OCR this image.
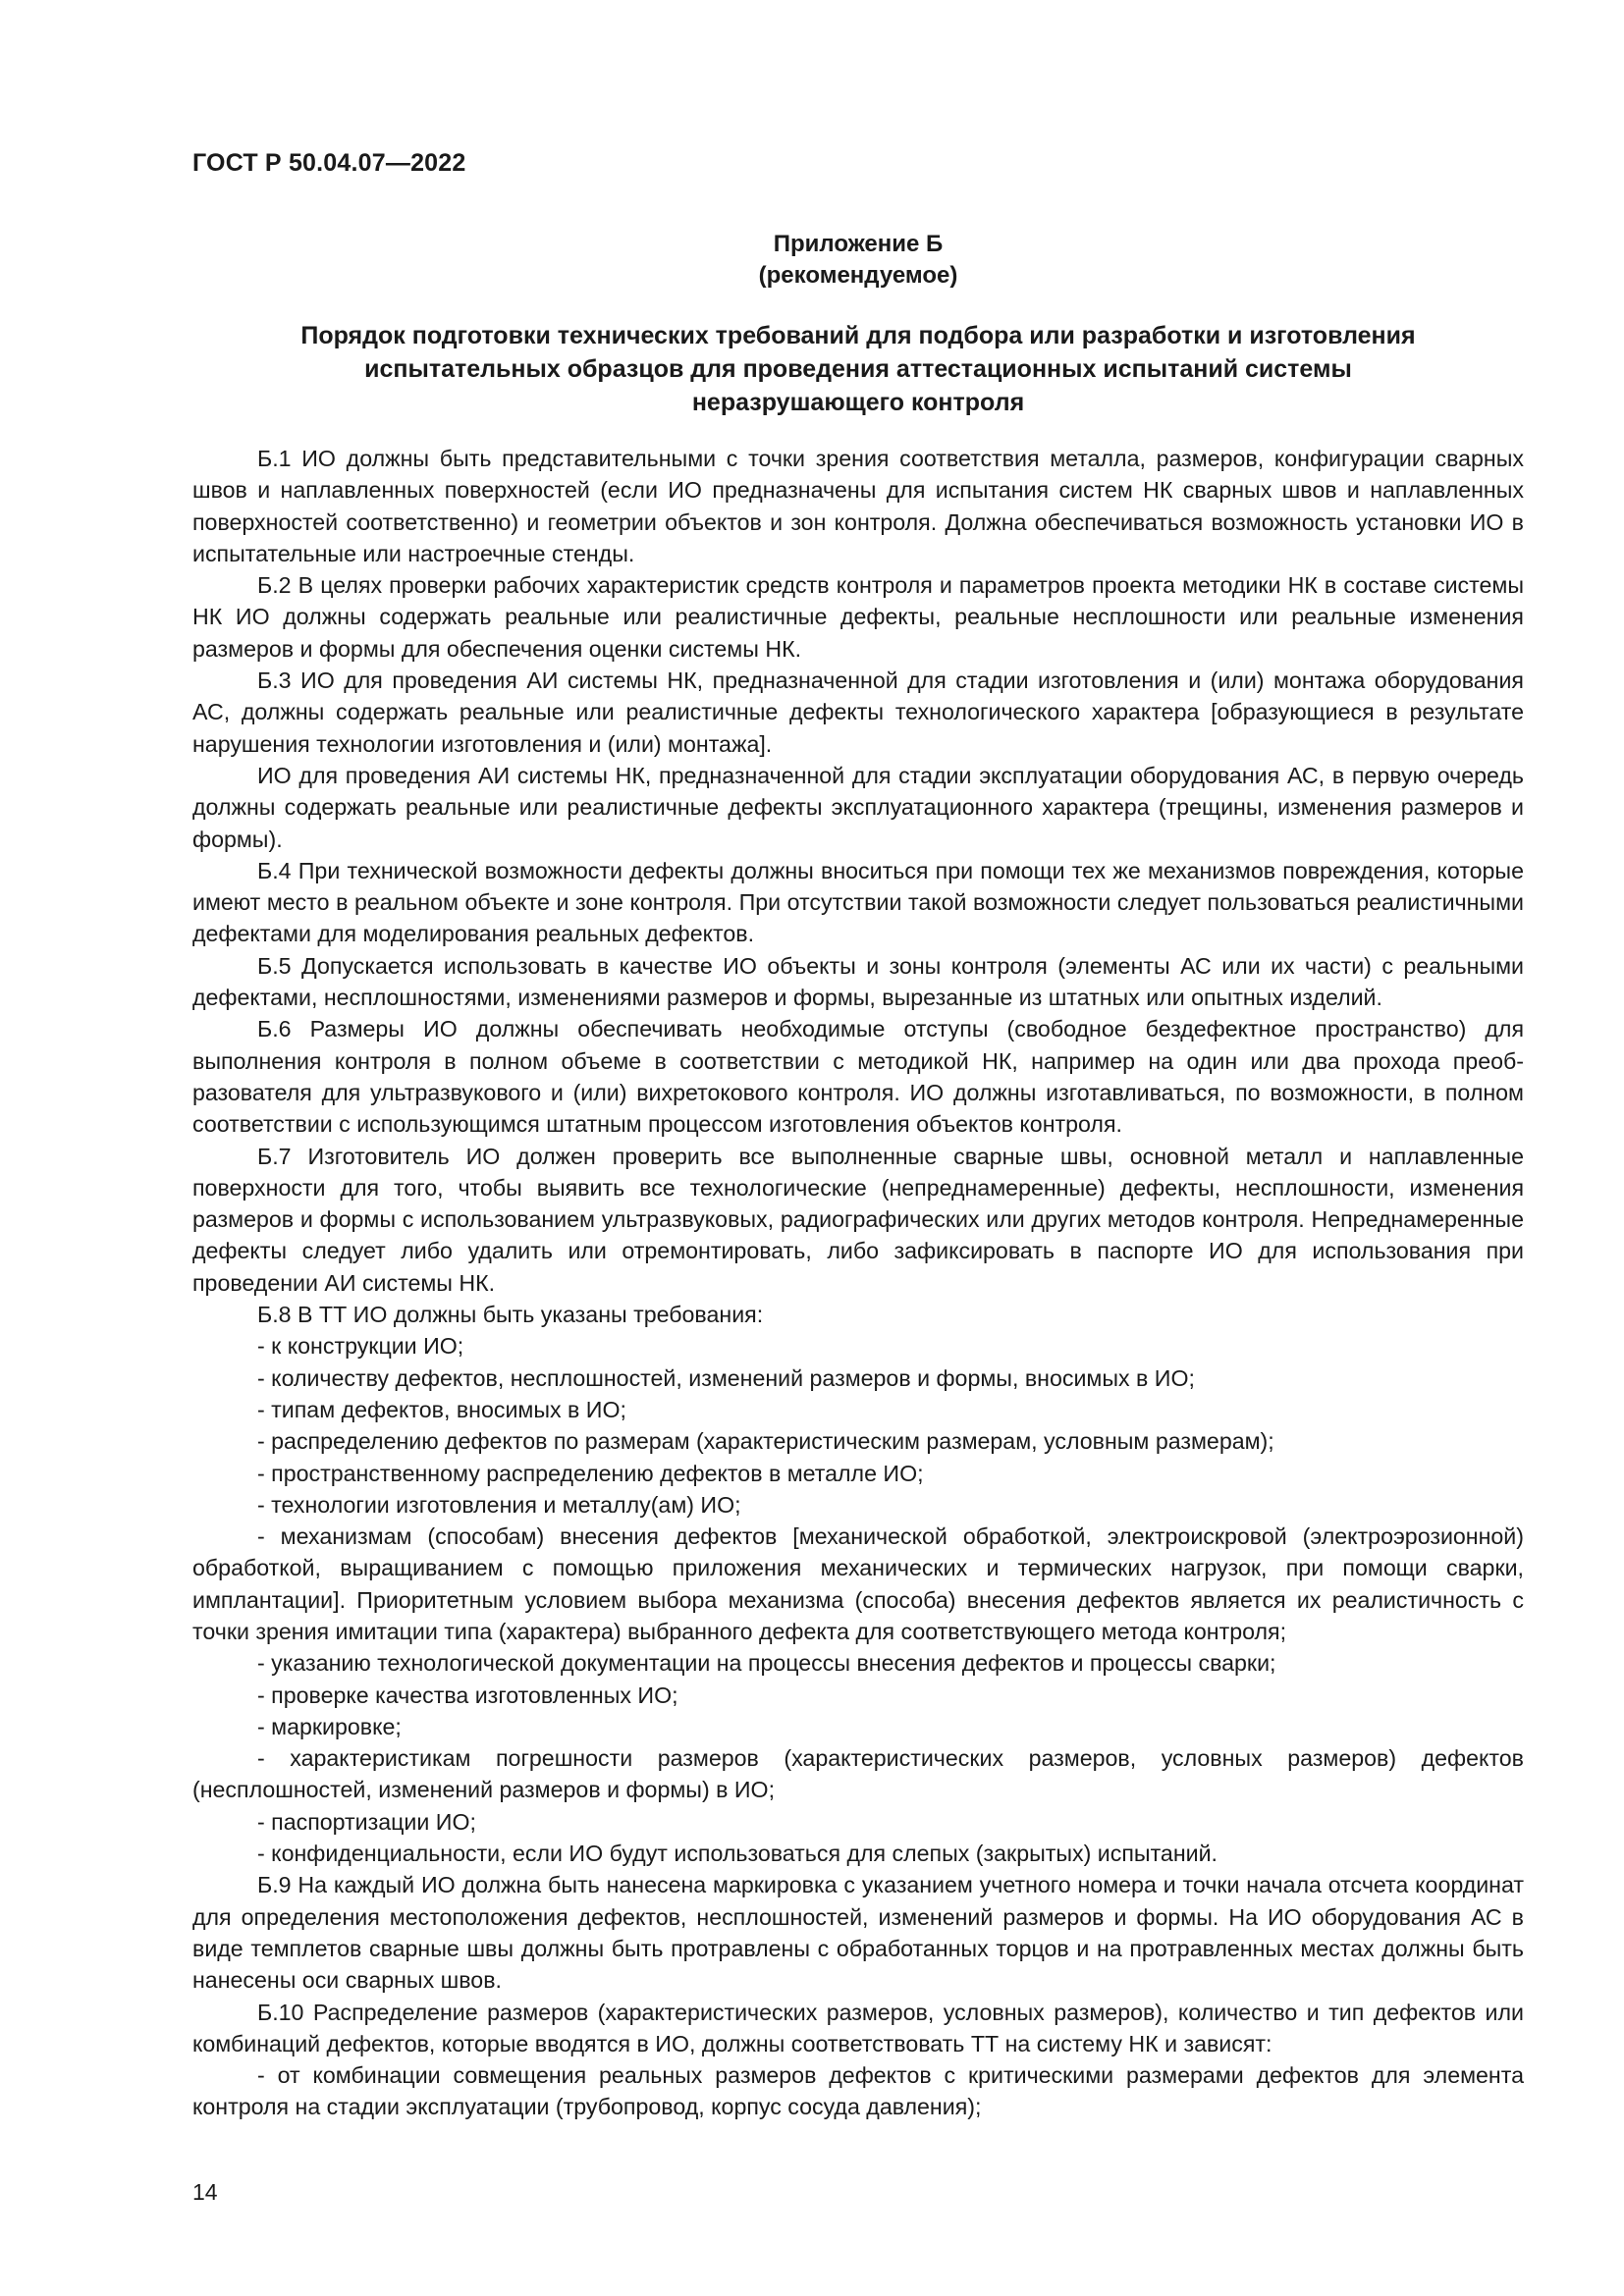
ГОСТ Р 50.04.07—2022
Приложение Б
(рекомендуемое)
Порядок подготовки технических требований для подбора или разработки и изготовления
испытательных образцов для проведения аттестационных испытаний системы
неразрушающего контроля

Б.1 ИО должны быть представительными с точки зрения соответствия металла, размеров, конфигурации сварных швов и наплавленных поверхностей (если ИО предназначены для испытания систем НК сварных швов и наплавленных поверхностей соответственно) и геометрии объектов и зон контроля. Должна обеспечиваться возможность установки ИО в испытательные или настроечные стенды.

Б.2 В целях проверки рабочих характеристик средств контроля и параметров проекта методики НК в составе системы НК ИО должны содержать реальные или реалистичные дефекты, реальные несплошности или реальные изменения размеров и формы для обеспечения оценки системы НК.

Б.3 ИО для проведения АИ системы НК, предназначенной для стадии изготовления и (или) монтажа оборудования АС, должны содержать реальные или реалистичные дефекты технологического характера [образующиеся в результате нарушения технологии изготовления и (или) монтажа].

ИО для проведения АИ системы НК, предназначенной для стадии эксплуатации оборудования АС, в первую очередь должны содержать реальные или реалистичные дефекты эксплуатационного характера (трещины, изменения размеров и формы).

Б.4 При технической возможности дефекты должны вноситься при помощи тех же механизмов повреждения, которые имеют место в реальном объекте и зоне контроля. При отсутствии такой возможности следует пользоваться реалистичными дефектами для моделирования реальных дефектов.

Б.5 Допускается использовать в качестве ИО объекты и зоны контроля (элементы АС или их части) с реальными дефектами, несплошностями, изменениями размеров и формы, вырезанные из штатных или опытных изделий.

Б.6 Размеры ИО должны обеспечивать необходимые отступы (свободное бездефектное пространство) для выполнения контроля в полном объеме в соответствии с методикой НК, например на один или два прохода преобразователя для ультразвукового и (или) вихретокового контроля. ИО должны изготавливаться, по возможности, в полном соответствии с использующимся штатным процессом изготовления объектов контроля.

Б.7 Изготовитель ИО должен проверить все выполненные сварные швы, основной металл и наплавленные поверхности для того, чтобы выявить все технологические (непреднамеренные) дефекты, несплошности, изменения размеров и формы с использованием ультразвуковых, радиографических или других методов контроля. Непреднамеренные дефекты следует либо удалить или отремонтировать, либо зафиксировать в паспорте ИО для использования при проведении АИ системы НК.

Б.8 В ТТ ИО должны быть указаны требования:

- к конструкции ИО;

- количеству дефектов, несплошностей, изменений размеров и формы, вносимых в ИО;

- типам дефектов, вносимых в ИО;

- распределению дефектов по размерам (характеристическим размерам, условным размерам);

- пространственному распределению дефектов в металле ИО;

- технологии изготовления и металлу(ам) ИО;

- механизмам (способам) внесения дефектов [механической обработкой, электроискровой (электроэрозионной) обработкой, выращиванием с помощью приложения механических и термических нагрузок, при помощи сварки, имплантации]. Приоритетным условием выбора механизма (способа) внесения дефектов является их реалистичность с точки зрения имитации типа (характера) выбранного дефекта для соответствующего метода контроля;

- указанию технологической документации на процессы внесения дефектов и процессы сварки;

- проверке качества изготовленных ИО;

- маркировке;

- характеристикам погрешности размеров (характеристических размеров, условных размеров) дефектов (несплошностей, изменений размеров и формы) в ИО;

- паспортизации ИО;

- конфиденциальности, если ИО будут использоваться для слепых (закрытых) испытаний.

Б.9 На каждый ИО должна быть нанесена маркировка с указанием учетного номера и точки начала отсчета координат для определения местоположения дефектов, несплошностей, изменений размеров и формы. На ИО оборудования АС в виде темплетов сварные швы должны быть протравлены с обработанных торцов и на протравленных местах должны быть нанесены оси сварных швов.

Б.10 Распределение размеров (характеристических размеров, условных размеров), количество и тип дефектов или комбинаций дефектов, которые вводятся в ИО, должны соответствовать ТТ на систему НК и зависят:

- от комбинации совмещения реальных размеров дефектов с критическими размерами дефектов для элемента контроля на стадии эксплуатации (трубопровод, корпус сосуда давления);

14
